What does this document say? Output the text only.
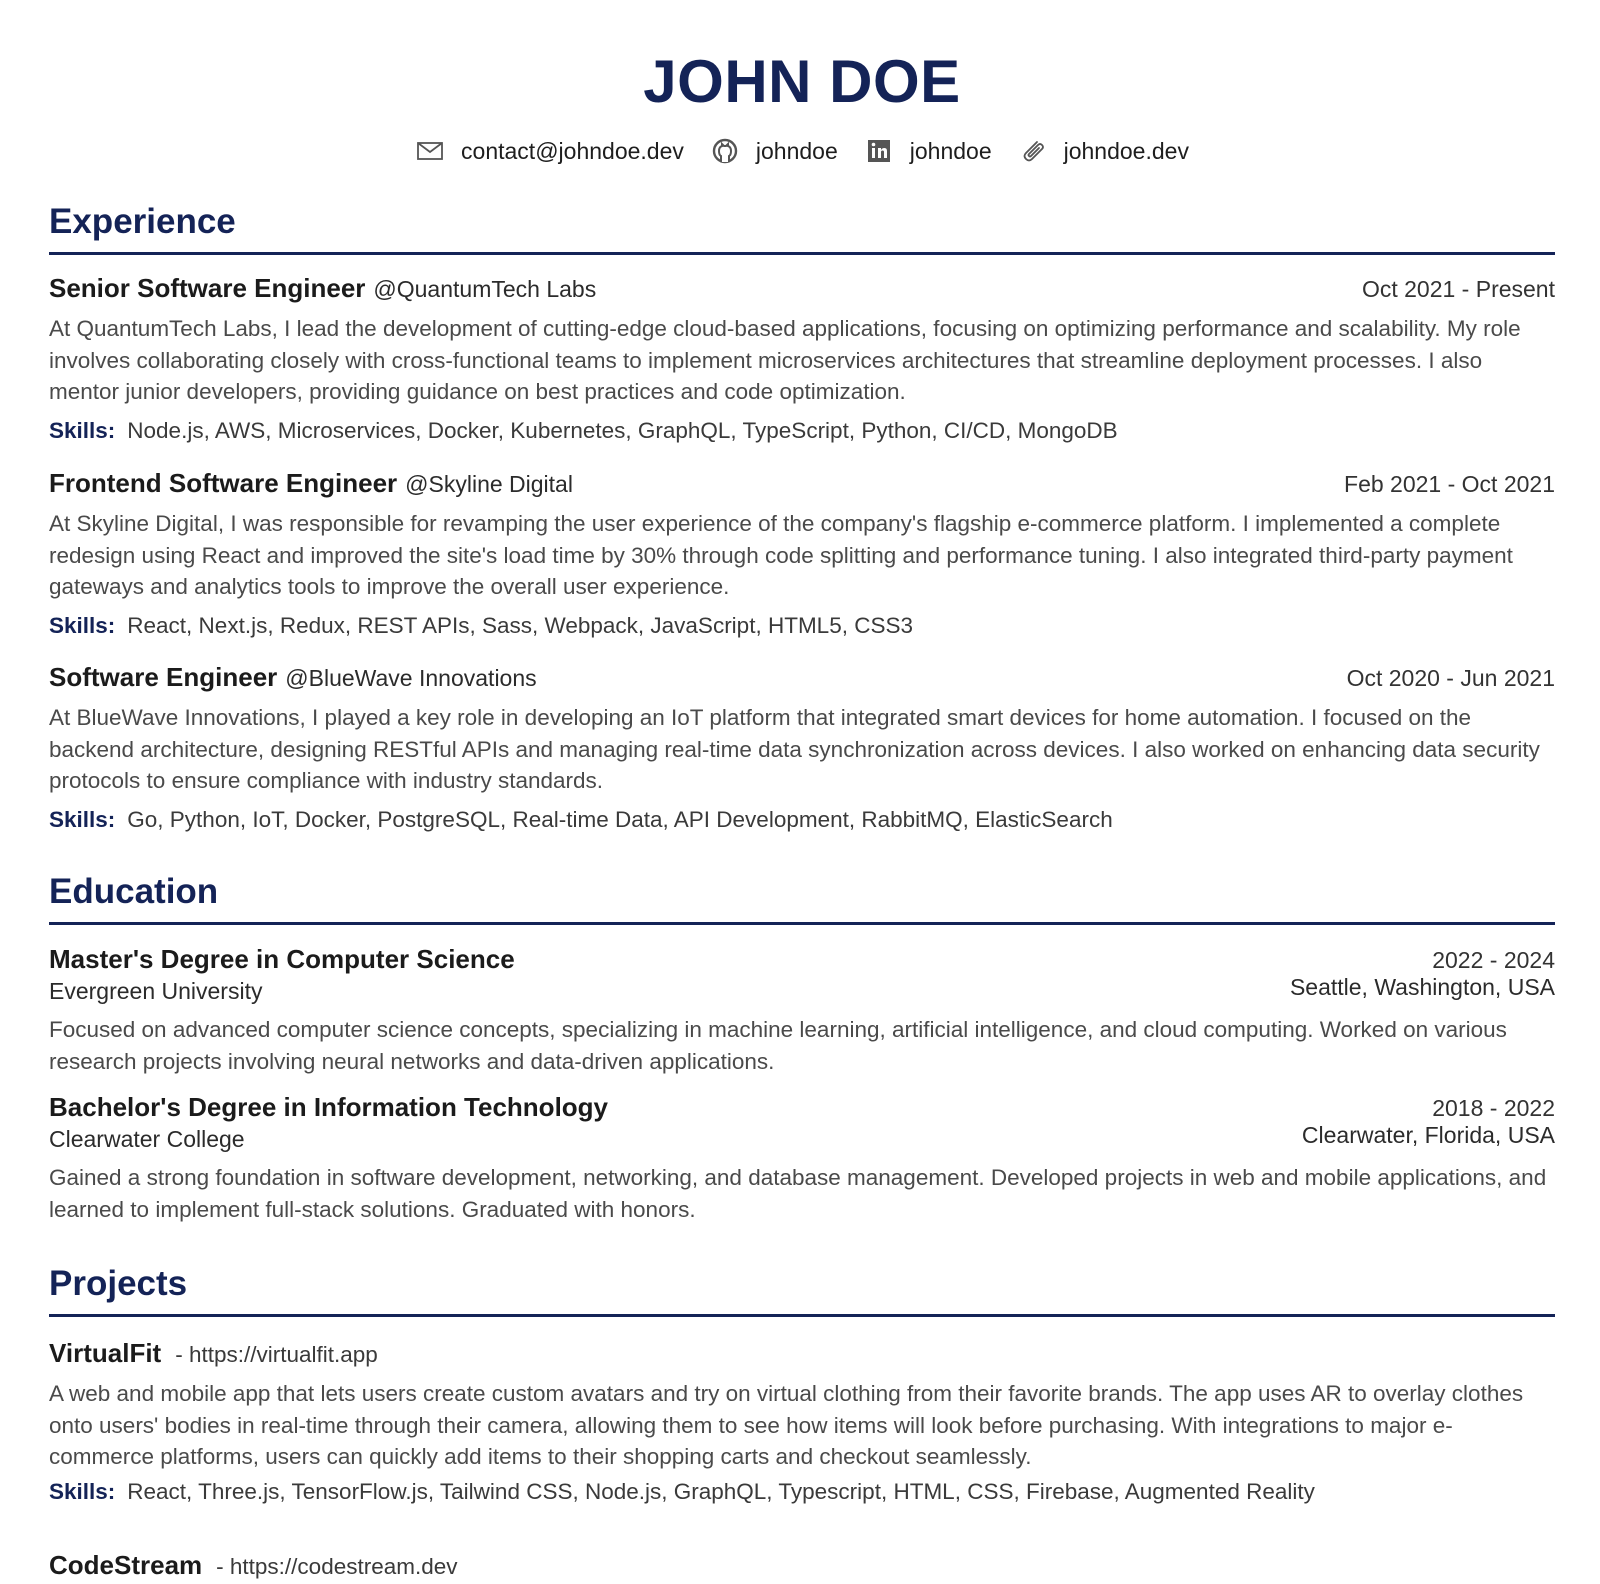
JOHN DOE
contact@johndoe.dev	johndoe	johndoe	johndoe.dev
Experience
Senior Software Engineer @QuantumTech Labs	Oct 2021 - Present

At QuantumTech Labs, I lead the development of cutting-edge cloud-based applications, focusing on optimizing performance and scalability. My role involves collaborating closely with cross-functional teams to implement microservices architectures that streamline deployment processes. I also mentor junior developers, providing guidance on best practices and code optimization.

Skills: Node.js, AWS, Microservices, Docker, Kubernetes, GraphQL, TypeScript, Python, CI/CD, MongoDB
Frontend Software Engineer @Skyline Digital	Feb 2021 - Oct 2021

At Skyline Digital, I was responsible for revamping the user experience of the company's flagship e-commerce platform. I implemented a complete redesign using React and improved the site's load time by 30% through code splitting and performance tuning. I also integrated third-party payment gateways and analytics tools to improve the overall user experience.

Skills: React, Next.js, Redux, REST APIs, Sass, Webpack, JavaScript, HTML5, CSS3
Software Engineer @BlueWave Innovations	Oct 2020 - Jun 2021

At BlueWave Innovations, I played a key role in developing an IoT platform that integrated smart devices for home automation. I focused on the backend architecture, designing RESTful APIs and managing real-time data synchronization across devices. I also worked on enhancing data security protocols to ensure compliance with industry standards.

Skills: Go, Python, IoT, Docker, PostgreSQL, Real-time Data, API Development, RabbitMQ, ElasticSearch
Education
Master's Degree in Computer Science	2022 - 2024
Evergreen University	Seattle, Washington, USA

Focused on advanced computer science concepts, specializing in machine learning, artificial intelligence, and cloud computing. Worked on various research projects involving neural networks and data-driven applications.

Bachelor's Degree in Information Technology	2018 - 2022
Clearwater College	Clearwater, Florida, USA

Gained a strong foundation in software development, networking, and database management. Developed projects in web and mobile applications, and learned to implement full-stack solutions. Graduated with honors.

Projects
VirtualFit - https://virtualfit.app

A web and mobile app that lets users create custom avatars and try on virtual clothing from their favorite brands. The app uses AR to overlay clothes onto users' bodies in real-time through their camera, allowing them to see how items will look before purchasing. With integrations to major e-commerce platforms, users can quickly add items to their shopping carts and checkout seamlessly.

Skills: React, Three.js, TensorFlow.js, Tailwind CSS, Node.js, GraphQL, Typescript, HTML, CSS, Firebase, Augmented Reality
CodeStream - https://codestream.dev
